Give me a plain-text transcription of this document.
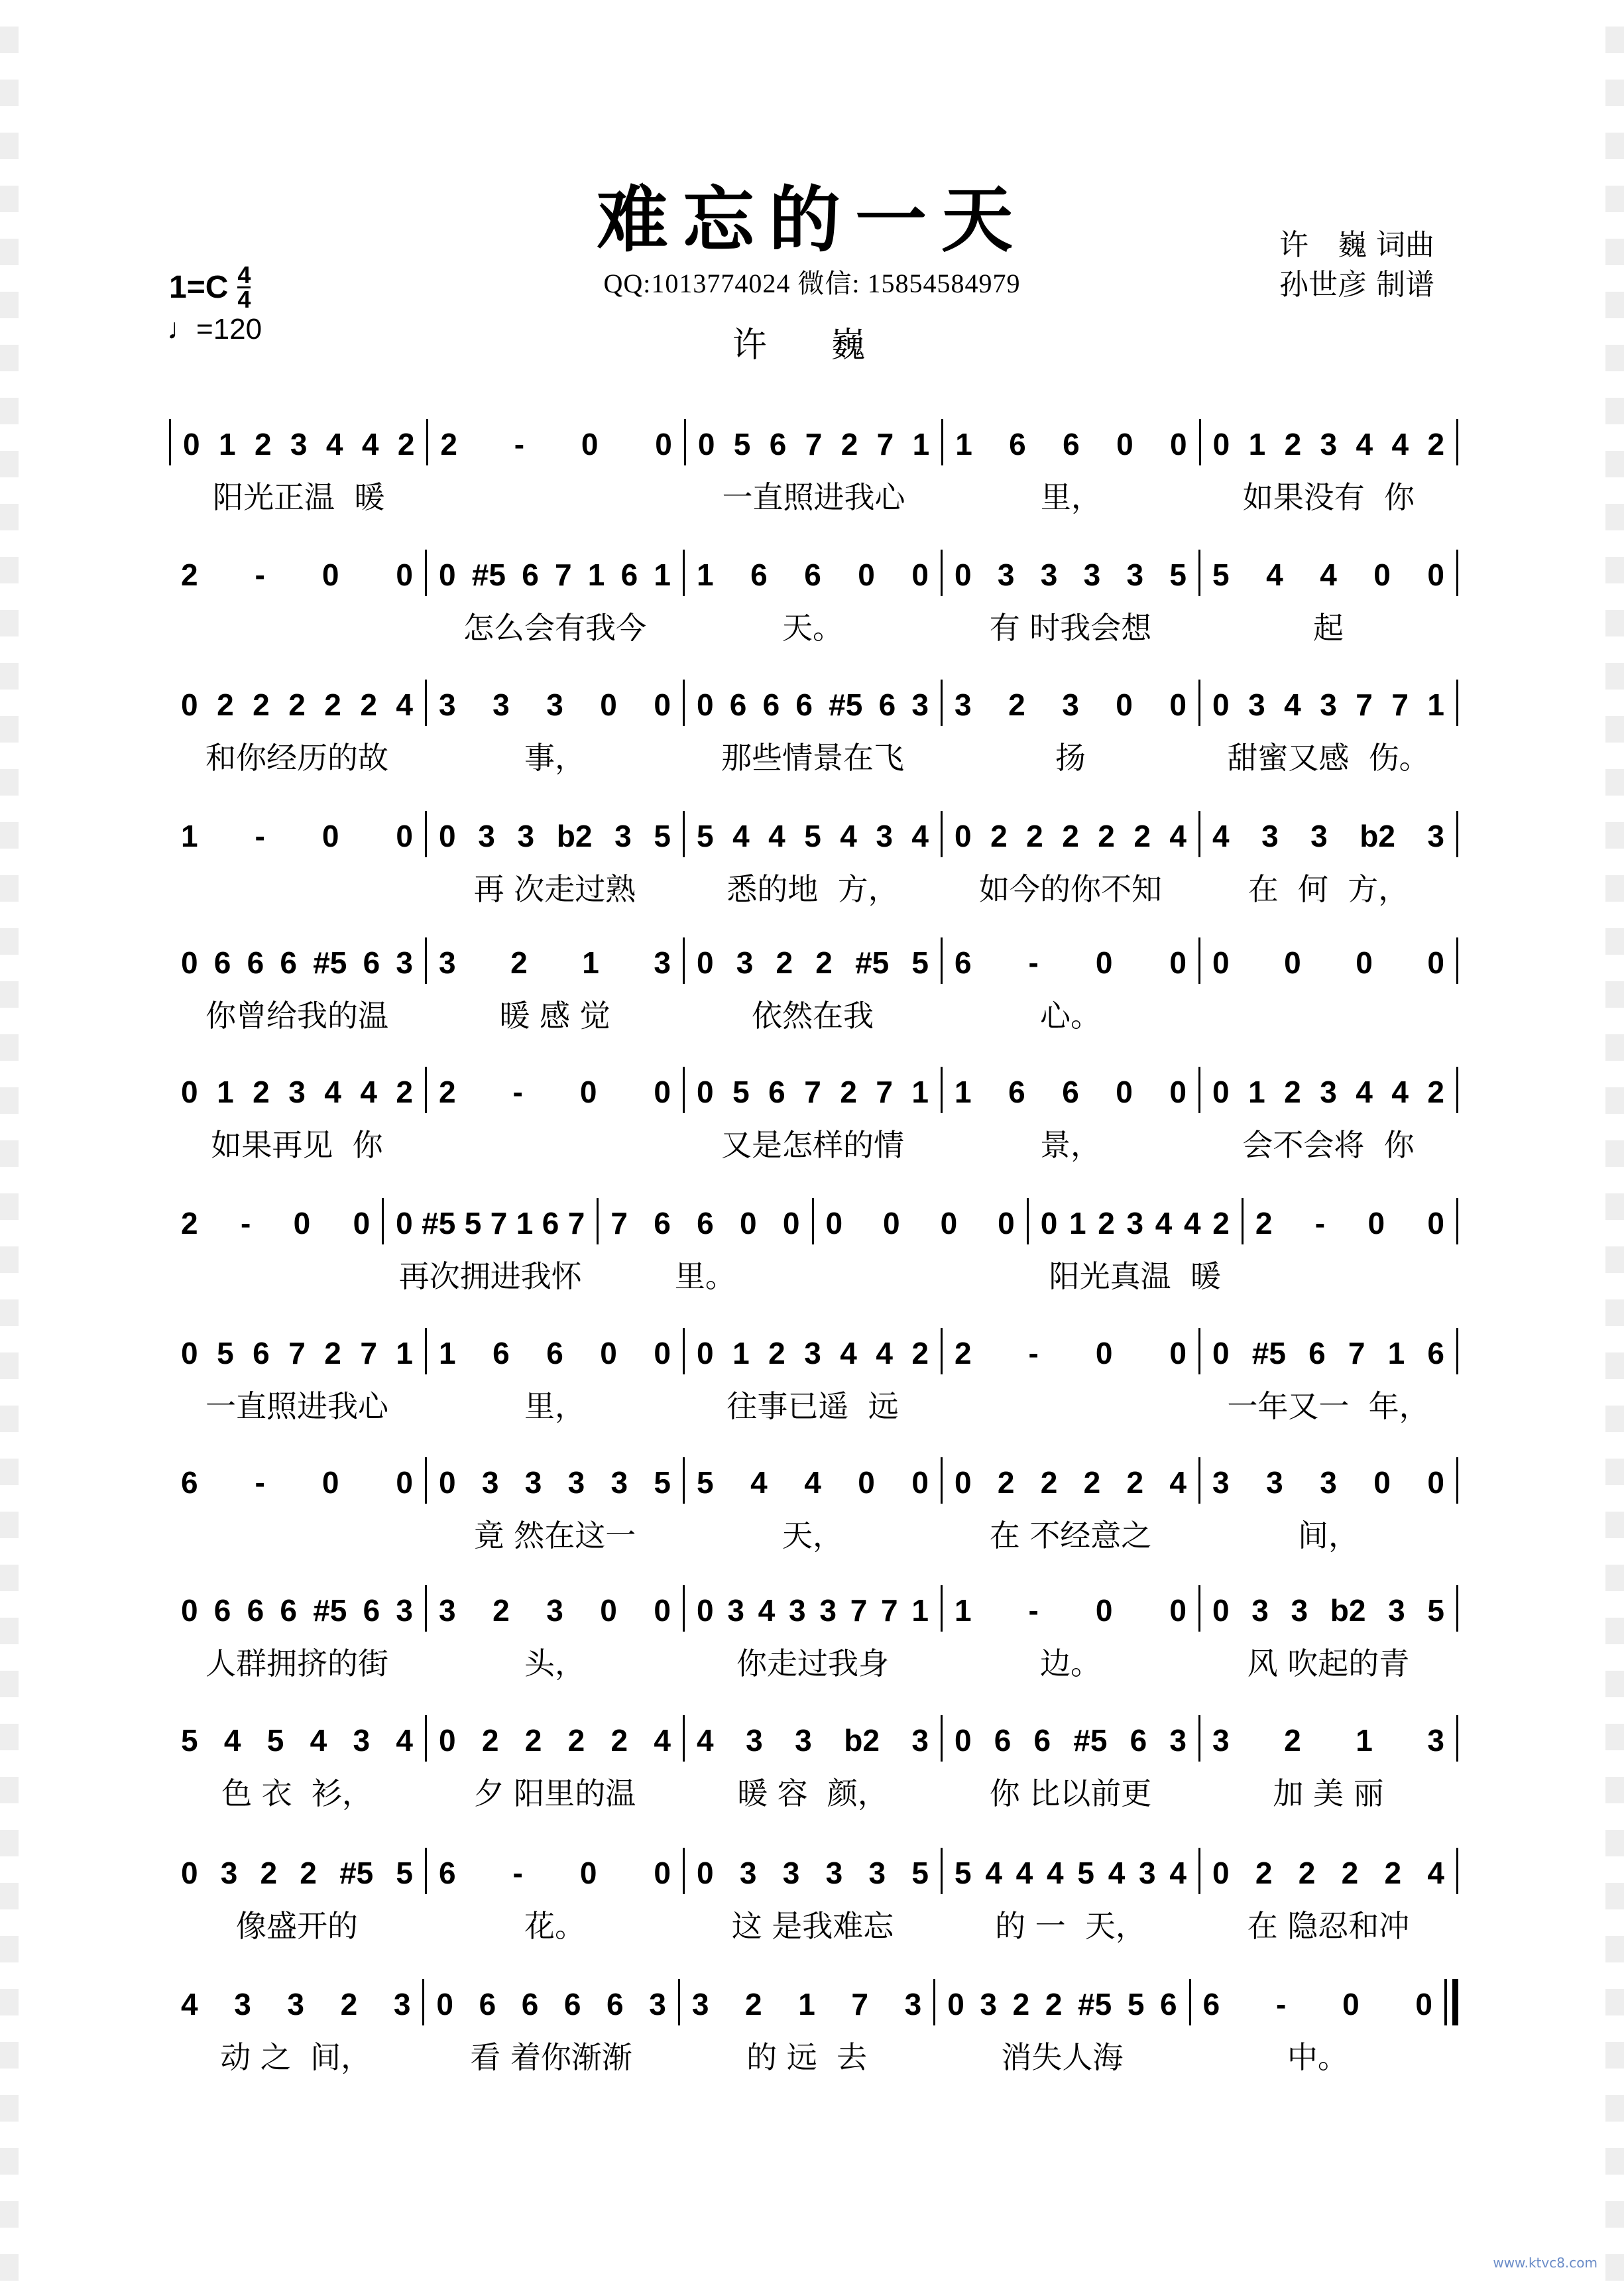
难忘的一天
QQ:1013774024 微信: 15854584979
许 巍
许　巍 词曲
孙世彦 制谱
$1=C \frac{4}{4}$
♩=120
0 1 2 3 4 4 2
阳光正温  暖
2 - 0 0 0 5 6 7 2 7 1
一直照进我心
1 6 6 0 0
里，
0 1 2 3 4 4 2
如果没有  你
2 - 0 0 0 #5 6 7 1 6 1
怎么会有我今
1 6 6 0 0
天。
0 3 3 3 3 5
有 时我会想
5 4 4 0 0
起
0 2 2 2 2 2 4
和你经历的故
3 3 3 0 0
事，
0 6 6 6 #5 6 3
那些情景在飞
3 2 3 0 0
扬
0 3 4 3 7 7 1
甜蜜又感  伤。
1 - 0 0 0 3 3 b2 3 5
再 次走过熟
5 4 4 5 4 3 4
悉的地  方，
0 2 2 2 2 2 4
如今的你不知
4 3 3 b2 3
在  何  方，
0 6 6 6 #5 6 3
你曾给我的温
3 2 1 3
暖 感 觉
0 3 2 2 #5 5
依然在我
6 - 0 0
心。
0 0 0 0
0 1 2 3 4 4 2
如果再见  你
2 - 0 0 0 5 6 7 2 7 1
又是怎样的情
1 6 6 0 0
景，
0 1 2 3 4 4 2
会不会将  你
2 - 0 0 0 #5 5 7 1 6 7
再次拥进我怀
7 6 6 0 0
里。
0 0 0 0 0 1 2 3 4 4 2
阳光真温  暖
2 - 0 0
0 5 6 7 2 7 1
一直照进我心
1 6 6 0 0
里，
0 1 2 3 4 4 2
往事已遥  远
2 - 0 0 0 #5 6 7 1 6
一年又一  年，
6 - 0 0 0 3 3 3 3 5
竟 然在这一
5 4 4 0 0
天，
0 2 2 2 2 4
在 不经意之
3 3 3 0 0
间，
0 6 6 6 #5 6 3
人群拥挤的街
3 2 3 0 0
头，
0 3 4 3 3 7 7 1
你走过我身
1 - 0 0
边。
0 3 3 b2 3 5
风 吹起的青
5 4 5 4 3 4
色 衣  衫，
0 2 2 2 2 4
夕 阳里的温
4 3 3 b2 3
暖 容  颜，
0 6 6 #5 6 3
你 比以前更
3 2 1 3
加 美 丽
0 3 2 2 #5 5
像盛开的
6 - 0 0
花。
0 3 3 3 3 5
这 是我难忘
5 4 4 4 5 4 3 4
的 一  天，
0 2 2 2 2 4
在 隐忍和冲
4 3 3 2 3
动 之  间，
0 6 6 6 6 3
看 着你渐渐
3 2 1 7 3
的 远  去
0 3 2 2 #5 5 6
消失人海
6 - 0 0
中。
www.ktvc8.com
